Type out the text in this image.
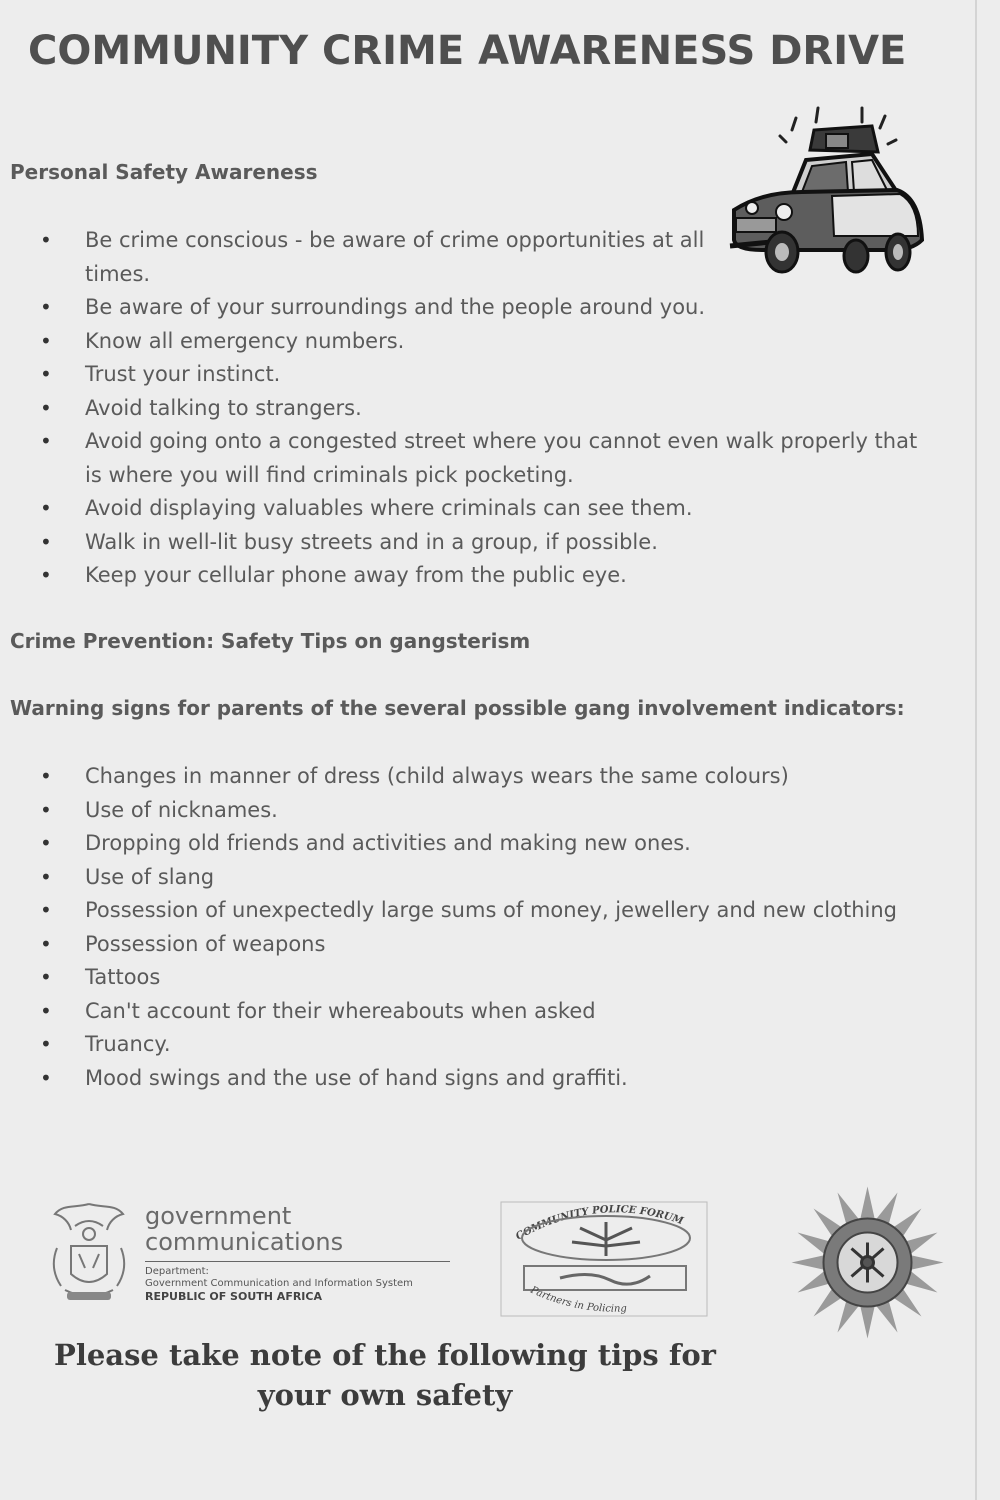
COMMUNITY CRIME AWARENESS DRIVE
Personal Safety Awareness
• Be crime conscious - be aware of crime opportunities at all times.
• Be aware of your surroundings and the people around you.
• Know all emergency numbers.
• Trust your instinct.
• Avoid talking to strangers.
• Avoid going onto a congested street where you cannot even walk properly that is where you will find criminals pick pocketing.
• Avoid displaying valuables where criminals can see them.
• Walk in well-lit busy streets and in a group, if possible.
• Keep your cellular phone away from the public eye.
Crime Prevention: Safety Tips on gangsterism
Warning signs for parents of the several possible gang involvement indicators:
• Changes in manner of dress (child always wears the same colours)
• Use of nicknames.
• Dropping old friends and activities and making new ones.
• Use of slang
• Possession of unexpectedly large sums of money, jewellery and new clothing
• Possession of weapons
• Tattoos
• Can't account for their whereabouts when asked
• Truancy.
• Mood swings and the use of hand signs and graffiti.
government
communications
Department:
Government Communication and Information System
REPUBLIC OF SOUTH AFRICA
COMMUNITY POLICE FORUM
Partners in Policing
Please take note of the following tips for your own safety
